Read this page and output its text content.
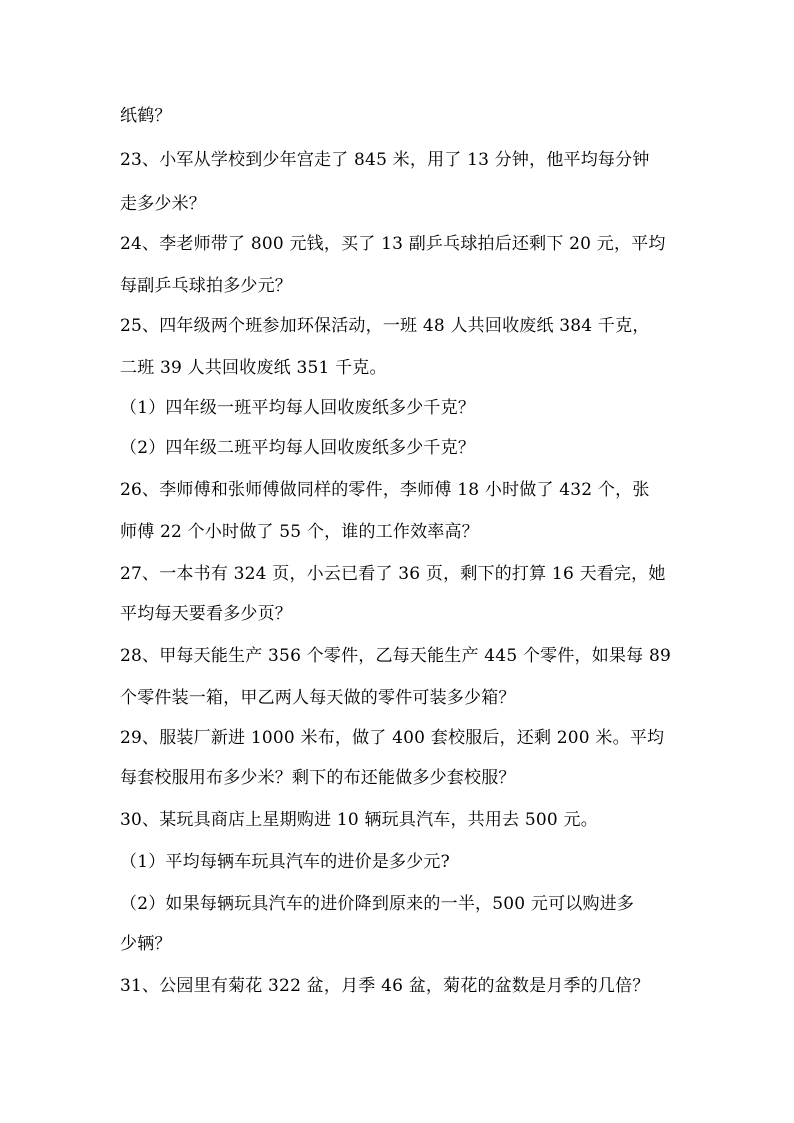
纸鹤？
23、小军从学校到少年宫走了 845 米，用了 13 分钟，他平均每分钟
走多少米？
24、李老师带了 800 元钱，买了 13 副乒乓球拍后还剩下 20 元，平均
每副乒乓球拍多少元？
25、四年级两个班参加环保活动，一班 48 人共回收废纸 384 千克，
二班 39 人共回收废纸 351 千克。
（1）四年级一班平均每人回收废纸多少千克？
（2）四年级二班平均每人回收废纸多少千克？
26、李师傅和张师傅做同样的零件，李师傅 18 小时做了 432 个，张
师傅 22 个小时做了 55 个，谁的工作效率高？
27、一本书有 324 页，小云已看了 36 页，剩下的打算 16 天看完，她
平均每天要看多少页？
28、甲每天能生产 356 个零件，乙每天能生产 445 个零件，如果每 89
个零件装一箱，甲乙两人每天做的零件可装多少箱？
29、服装厂新进 1000 米布，做了 400 套校服后，还剩 200 米。平均
每套校服用布多少米？剩下的布还能做多少套校服？
30、某玩具商店上星期购进 10 辆玩具汽车，共用去 500 元。
（1）平均每辆车玩具汽车的进价是多少元?
（2）如果每辆玩具汽车的进价降到原来的一半，500 元可以购进多
少辆？
31、公园里有菊花 322 盆，月季 46 盆，菊花的盆数是月季的几倍？
